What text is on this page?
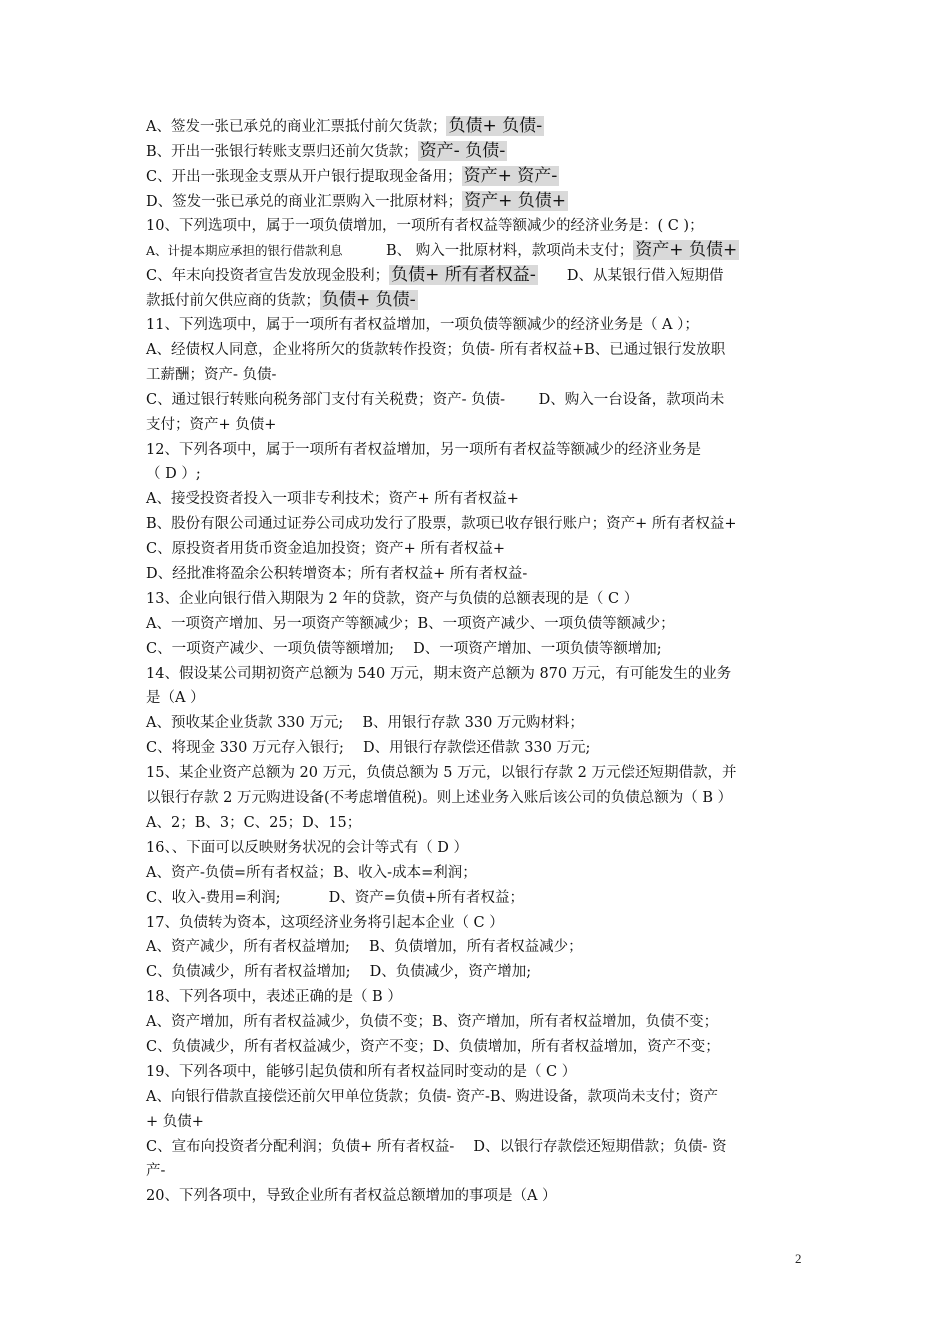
A、签发一张已承兑的商业汇票抵付前欠货款； 负债+ 负债-
B、开出一张银行转账支票归还前欠货款； 资产- 负债-
C、开出一张现金支票从开户银行提取现金备用； 资产+ 资产-
D、签发一张已承兑的商业汇票购入一批原材料； 资产+ 负债+
10、下列选项中，属于一项负债增加，一项所有者权益等额减少的经济业务是：( C )；
A、计提本期应承担的银行借款利息　　　B、 购入一批原材料，款项尚未支付； 资产+ 负债+
C、年末向投资者宣告发放现金股利； 负债+ 所有者权益-　　D、从某银行借入短期借
款抵付前欠供应商的货款； 负债+ 负债-
11、下列选项中，属于一项所有者权益增加，一项负债等额减少的经济业务是（ A ）；
A、经债权人同意，企业将所欠的货款转作投资；负债- 所有者权益+B、已通过银行发放职
工薪酬；资产- 负债-
C、通过银行转账向税务部门支付有关税费；资产- 负债-　　 D、购入一台设备，款项尚未
支付；资产+ 负债+
12、下列各项中，属于一项所有者权益增加，另一项所有者权益等额减少的经济业务是
（ D ）;
A、接受投资者投入一项非专利技术；资产+ 所有者权益+
B、股份有限公司通过证券公司成功发行了股票，款项已收存银行账户；资产+ 所有者权益+
C、原投资者用货币资金追加投资；资产+ 所有者权益+
D、经批准将盈余公积转增资本；所有者权益+ 所有者权益-
13、企业向银行借入期限为 2 年的贷款，资产与负债的总额表现的是（ C ）
A、一项资产增加、另一项资产等额减少；B、一项资产减少、一项负债等额减少；
C、一项资产减少、一项负债等额增加;　 D、一项资产增加、一项负债等额增加;
14、假设某公司期初资产总额为 540 万元，期末资产总额为 870 万元，有可能发生的业务
是（A ）
A、预收某企业货款 330 万元;　 B、用银行存款 330 万元购材料；
C、将现金 330 万元存入银行;　 D、用银行存款偿还借款 330 万元;
15、某企业资产总额为 20 万元，负债总额为 5 万元，以银行存款 2 万元偿还短期借款，并
以银行存款 2 万元购进设备(不考虑增值税)。则上述业务入账后该公司的负债总额为（ B ）
A、2；B、3；C、25；D、15；
16、、下面可以反映财务状况的会计等式有（ D ）
A、资产-负债=所有者权益；B、收入-成本=利润；
C、收入-费用=利润;　　　 D、资产=负债+所有者权益；
17、负债转为资本，这项经济业务将引起本企业（ C ）
A、资产减少，所有者权益增加;　 B、负债增加，所有者权益减少；
C、负债减少，所有者权益增加;　 D、负债减少，资产增加;
18、下列各项中，表述正确的是（ B ）
A、资产增加，所有者权益减少，负债不变；B、资产增加，所有者权益增加，负债不变；
C、负债减少，所有者权益减少，资产不变；D、负债增加，所有者权益增加，资产不变；
19、下列各项中，能够引起负债和所有者权益同时变动的是（ C ）
A、向银行借款直接偿还前欠甲单位货款；负债- 资产-B、购进设备，款项尚未支付；资产
+ 负债+
C、宣布向投资者分配利润；负债+ 所有者权益-　 D、以银行存款偿还短期借款；负债- 资
产-
20、下列各项中，导致企业所有者权益总额增加的事项是（A ）
2
